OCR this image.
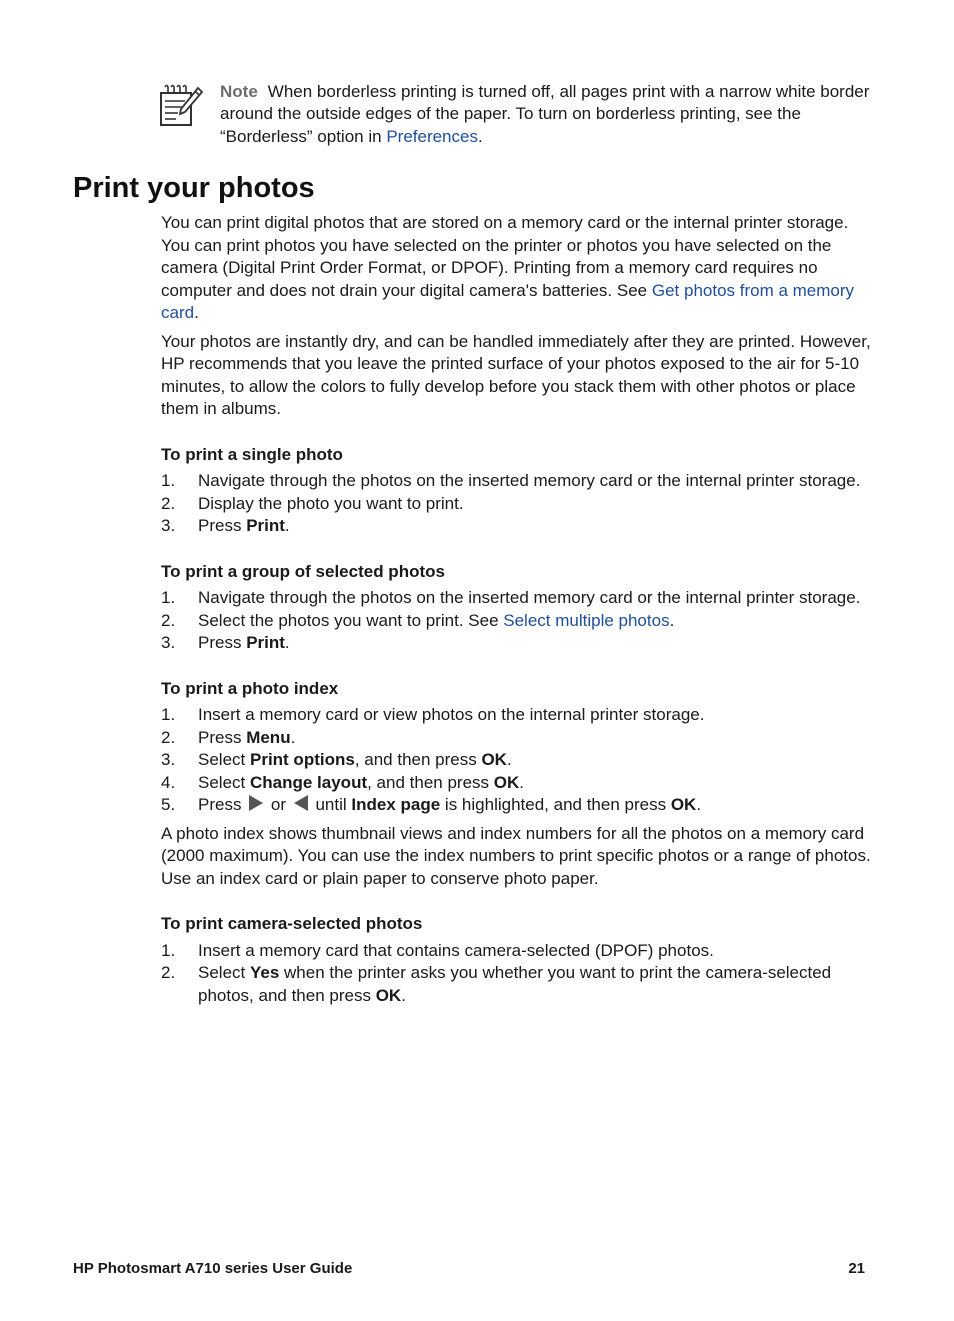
Note When borderless printing is turned off, all pages print with a narrow white border around the outside edges of the paper. To turn on borderless printing, see the “Borderless” option in Preferences.
Print your photos

You can print digital photos that are stored on a memory card or the internal printer storage. You can print photos you have selected on the printer or photos you have selected on the camera (Digital Print Order Format, or DPOF). Printing from a memory card requires no computer and does not drain your digital camera's batteries. See Get photos from a memory card.

Your photos are instantly dry, and can be handled immediately after they are printed. However, HP recommends that you leave the printed surface of your photos exposed to the air for 5-10 minutes, to allow the colors to fully develop before you stack them with other photos or place them in albums.

To print a single photo
1.	Navigate through the photos on the inserted memory card or the internal printer storage.
2.	Display the photo you want to print.
3.	Press Print.
To print a group of selected photos
1.	Navigate through the photos on the inserted memory card or the internal printer storage.
2.	Select the photos you want to print. See Select multiple photos.
3.	Press Print.
To print a photo index
1.	Insert a memory card or view photos on the internal printer storage.
2.	Press Menu.
3.	Select Print options, and then press OK.
4.	Select Change layout, and then press OK.
5.	Press  or  until Index page is highlighted, and then press OK.

A photo index shows thumbnail views and index numbers for all the photos on a memory card (2000 maximum). You can use the index numbers to print specific photos or a range of photos. Use an index card or plain paper to conserve photo paper.

To print camera-selected photos
1.	Insert a memory card that contains camera-selected (DPOF) photos.
2.	Select Yes when the printer asks you whether you want to print the camera-selected photos, and then press OK.
HP Photosmart A710 series User Guide	21
